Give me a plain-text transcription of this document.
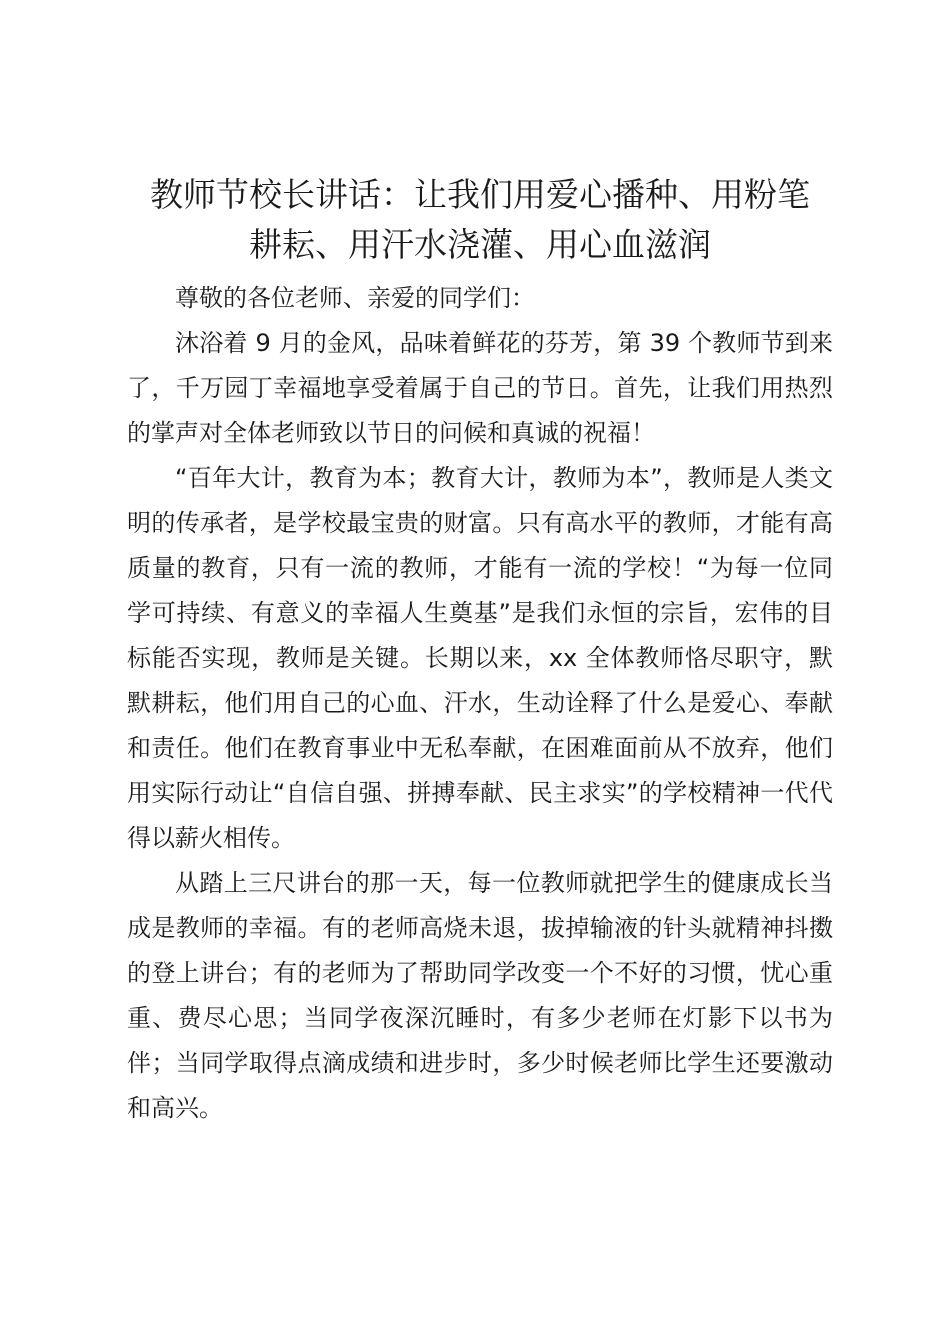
教师节校长讲话：让我们用爱心播种、用粉笔
耕耘、用汗水浇灌、用心血滋润

尊敬的各位老师、亲爱的同学们：

沐浴着 9 月的金风，品味着鲜花的芬芳，第 39 个教师节到来了，千万园丁幸福地享受着属于自己的节日。首先，让我们用热烈的掌声对全体老师致以节日的问候和真诚的祝福！

“百年大计，教育为本；教育大计，教师为本”，教师是人类文明的传承者，是学校最宝贵的财富。只有高水平的教师，才能有高质量的教育，只有一流的教师，才能有一流的学校！“为每一位同学可持续、有意义的幸福人生奠基”是我们永恒的宗旨，宏伟的目标能否实现，教师是关键。长期以来，xx 全体教师恪尽职守，默默耕耘，他们用自己的心血、汗水，生动诠释了什么是爱心、奉献和责任。他们在教育事业中无私奉献，在困难面前从不放弃，他们用实际行动让“自信自强、拼搏奉献、民主求实”的学校精神一代代得以薪火相传。

从踏上三尺讲台的那一天，每一位教师就把学生的健康成长当成是教师的幸福。有的老师高烧未退，拔掉输液的针头就精神抖擞的登上讲台；有的老师为了帮助同学改变一个不好的习惯，忧心重重、费尽心思；当同学夜深沉睡时，有多少老师在灯影下以书为伴；当同学取得点滴成绩和进步时，多少时候老师比学生还要激动和高兴。
